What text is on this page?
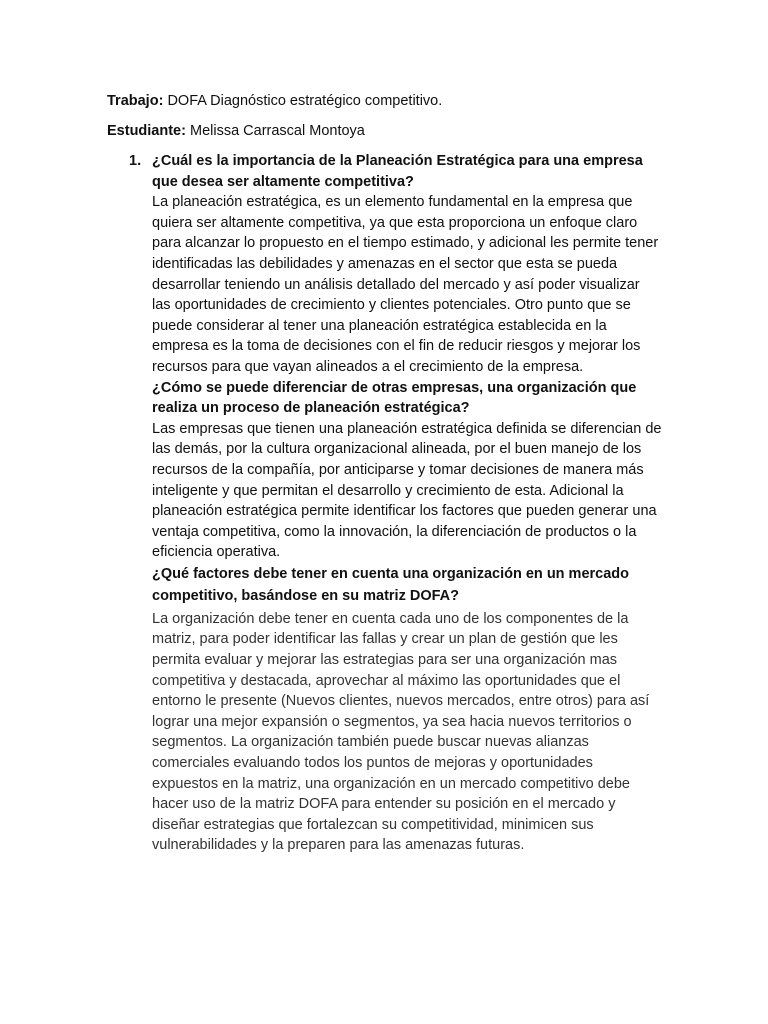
Trabajo: DOFA Diagnóstico estratégico competitivo.
Estudiante: Melissa Carrascal Montoya
1. ¿Cuál es la importancia de la Planeación Estratégica para una empresa que desea ser altamente competitiva?
La planeación estratégica, es un elemento fundamental en la empresa que quiera ser altamente competitiva, ya que esta proporciona un enfoque claro para alcanzar lo propuesto en el tiempo estimado, y adicional les permite tener identificadas las debilidades y amenazas en el sector que esta se pueda desarrollar teniendo un análisis detallado del mercado y así poder visualizar las oportunidades de crecimiento y clientes potenciales. Otro punto que se puede considerar al tener una planeación estratégica establecida en la empresa es la toma de decisiones con el fin de reducir riesgos y mejorar los recursos para que vayan alineados a el crecimiento de la empresa.
¿Cómo se puede diferenciar de otras empresas, una organización que realiza un proceso de planeación estratégica?
Las empresas que tienen una planeación estratégica definida se diferencian de las demás, por la cultura organizacional alineada, por el buen manejo de los recursos de la compañía, por anticiparse y tomar decisiones de manera más inteligente y que permitan el desarrollo y crecimiento de esta. Adicional la planeación estratégica permite identificar los factores que pueden generar una ventaja competitiva, como la innovación, la diferenciación de productos o la eficiencia operativa.
¿Qué factores debe tener en cuenta una organización en un mercado
competitivo, basándose en su matriz DOFA?
La organización debe tener en cuenta cada uno de los componentes de la matriz, para poder identificar las fallas y crear un plan de gestión que les permita evaluar y mejorar las estrategias para ser una organización mas competitiva y destacada, aprovechar al máximo las oportunidades que el entorno le presente (Nuevos clientes, nuevos mercados, entre otros) para así lograr una mejor expansión o segmentos, ya sea hacia nuevos territorios o segmentos. La organización también puede buscar nuevas alianzas comerciales evaluando todos los puntos de mejoras y oportunidades expuestos en la matriz, una organización en un mercado competitivo debe hacer uso de la matriz DOFA para entender su posición en el mercado y diseñar estrategias que fortalezcan su competitividad, minimicen sus vulnerabilidades y la preparen para las amenazas futuras.
